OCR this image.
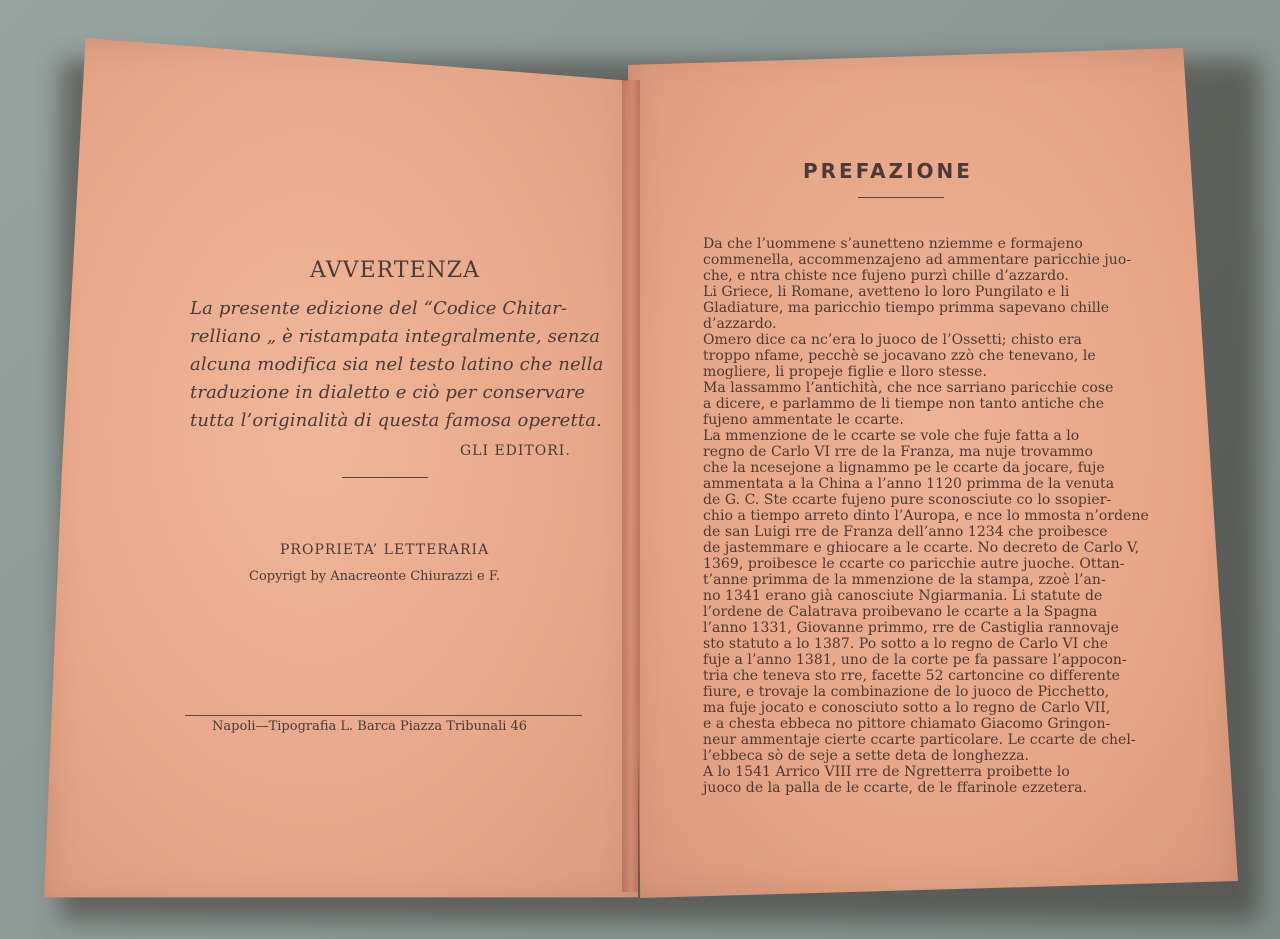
AVVERTENZA
La presente edizione del “Codice Chitar-
relliano „ è ristampata integralmente, senza
alcuna modifica sia nel testo latino che nella
traduzione in dialetto e ciò per conservare
tutta l’originalità di questa famosa operetta.
GLI EDITORI.
PROPRIETA’ LETTERARIA
Copyrigt by Anacreonte Chiurazzi e F.
Napoli—Tipografia L. Barca Piazza Tribunali 46
PREFAZIONE
Da che l’uommene s’aunetteno nziemme e formajeno
commenella, accommenzajeno ad ammentare paricchie juo-
che, e ntra chiste nce fujeno purzì chille d’azzardo.
Li Griece, li Romane, avetteno lo loro Pungilato e li
Gladiature, ma paricchio tiempo primma sapevano chille
d’azzardo.
Omero dice ca nc’era lo juoco de l’Ossetti; chisto era
troppo nfame, pecchè se jocavano zzò che tenevano, le
mogliere, li propeje figlie e lloro stesse.
Ma lassammo l’antichità, che nce sarriano paricchie cose
a dicere, e parlammo de li tiempe non tanto antiche che
fujeno ammentate le ccarte.
La mmenzione de le ccarte se vole che fuje fatta a lo
regno de Carlo VI rre de la Franza, ma nuje trovammo
che la ncesejone a lignammo pe le ccarte da jocare, fuje
ammentata a la China a l’anno 1120 primma de la venuta
de G. C. Ste ccarte fujeno pure sconosciute co lo ssopier-
chio a tiempo arreto dinto l’Auropa, e nce lo mmosta n’ordene
de san Luigi rre de Franza dell’anno 1234 che proibesce
de jastemmare e ghiocare a le ccarte. No decreto de Carlo V,
1369, proibesce le ccarte co paricchie autre juoche. Ottan-
t’anne primma de la mmenzione de la stampa, zzoè l’an-
no 1341 erano già canosciute Ngiarmania. Li statute de
l’ordene de Calatrava proibevano le ccarte a la Spagna
l’anno 1331, Giovanne primmo, rre de Castiglia rannovaje
sto statuto a lo 1387. Po sotto a lo regno de Carlo VI che
fuje a l’anno 1381, uno de la corte pe fa passare l’appocon-
tria che teneva sto rre, facette 52 cartoncine co differente
fiure, e trovaje la combinazione de lo juoco de Picchetto,
ma fuje jocato e conosciuto sotto a lo regno de Carlo VII,
e a chesta ebbeca no pittore chiamato Giacomo Gringon-
neur ammentaje cierte ccarte particolare. Le ccarte de chel-
l’ebbeca sò de seje a sette deta de longhezza.
A lo 1541 Arrico VIII rre de Ngretterra proibette lo
juoco de la palla de le ccarte, de le ffarinole ezzetera.
